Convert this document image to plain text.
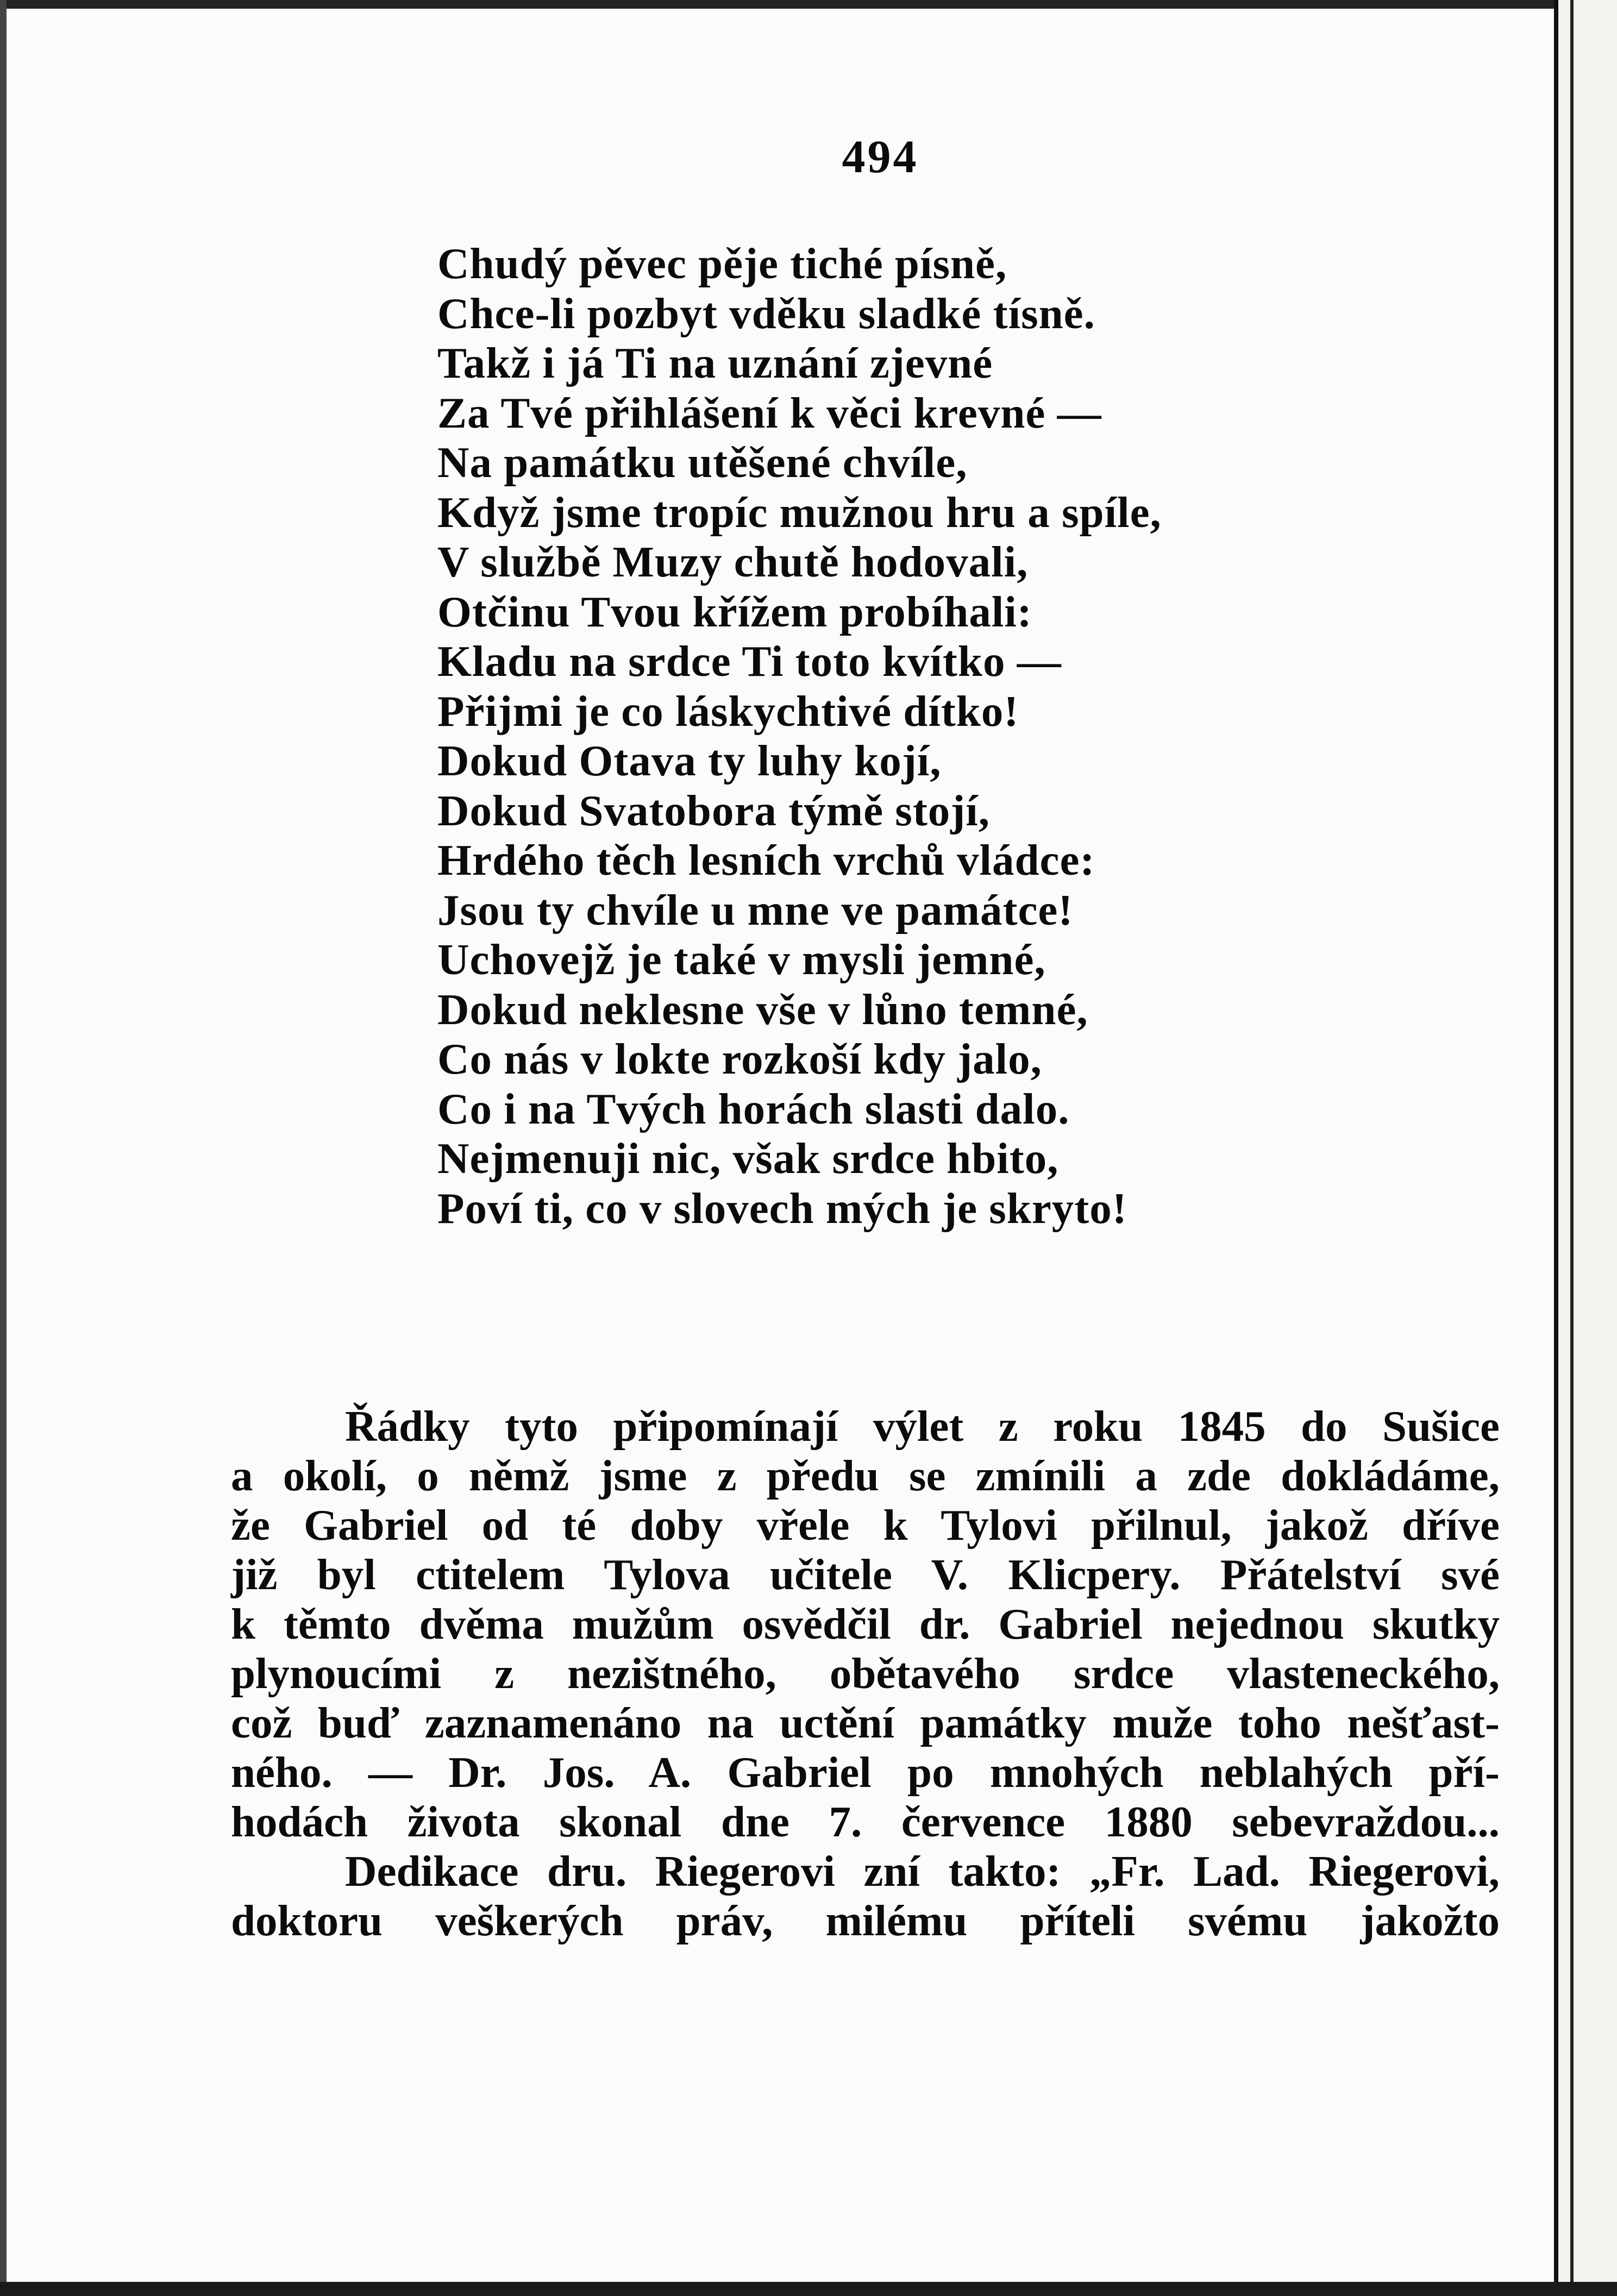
494
Chudý pěvec pěje tiché písně,
Chce-li pozbyt vděku sladké tísně.
Takž i já Ti na uznání zjevné
Za Tvé přihlášení k věci krevné —
Na památku utěšené chvíle,
Když jsme tropíc mužnou hru a spíle,
V službě Muzy chutě hodovali,
Otčinu Tvou křížem probíhali:
Kladu na srdce Ti toto kvítko —
Přijmi je co láskychtivé dítko!
Dokud Otava ty luhy kojí,
Dokud Svatobora týmě stojí,
Hrdého těch lesních vrchů vládce:
Jsou ty chvíle u mne ve památce!
Uchovejž je také v mysli jemné,
Dokud neklesne vše v lůno temné,
Co nás v lokte rozkoší kdy jalo,
Co i na Tvých horách slasti dalo.
Nejmenuji nic, však srdce hbito,
Poví ti, co v slovech mých je skryto!
Řádky tyto připomínají výlet z roku 1845 do Sušice
a okolí, o němž jsme z předu se zmínili a zde dokládáme,
že Gabriel od té doby vřele k Tylovi přilnul, jakož dříve
již byl ctitelem Tylova učitele V. Klicpery. Přátelství své
k těmto dvěma mužům osvědčil dr. Gabriel nejednou skutky
plynoucími z nezištného, obětavého srdce vlasteneckého,
což buď zaznamenáno na uctění památky muže toho nešťast-
ného. — Dr. Jos. A. Gabriel po mnohých neblahých pří-
hodách života skonal dne 7. července 1880 sebevraždou...
Dedikace dru. Riegerovi zní takto: „Fr. Lad. Riegerovi,
doktoru veškerých práv, milému příteli svému jakožto
